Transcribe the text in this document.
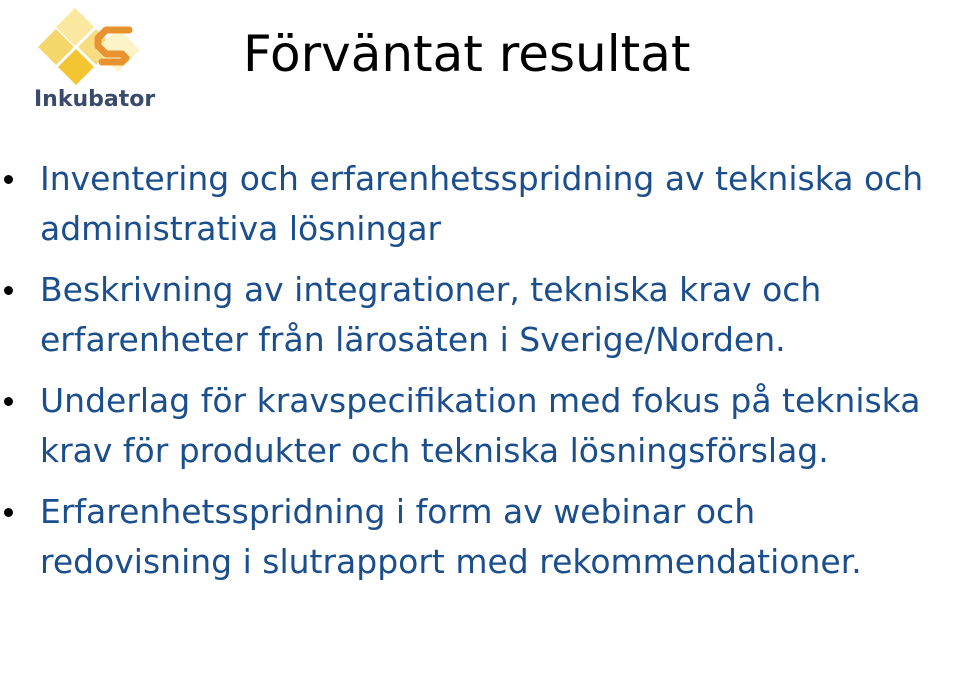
Inkubator
Förväntat resultat
Inventering och erfarenhetsspridning av tekniska och administrativa lösningar
Beskrivning av integrationer, tekniska krav och erfarenheter från lärosäten i Sverige/Norden.
Underlag för kravspecifikation med fokus på tekniska krav för produkter och tekniska lösningsförslag.
Erfarenhetsspridning i form av webinar och redovisning i slutrapport med rekommendationer.
